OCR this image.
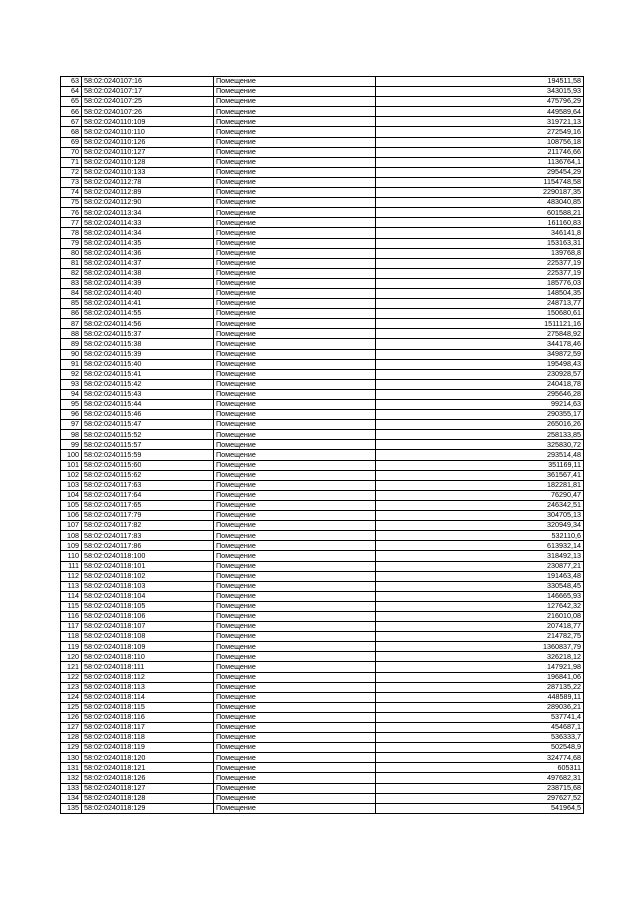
63	58:02:0240107:16	Помещение	194511,58
64	58:02:0240107:17	Помещение	343015,93
65	58:02:0240107:25	Помещение	475796,29
66	58:02:0240107:26	Помещение	449589,64
67	58:02:0240110:109	Помещение	319721,13
68	58:02:0240110:110	Помещение	272549,16
69	58:02:0240110:126	Помещение	108756,18
70	58:02:0240110:127	Помещение	211746,66
71	58:02:0240110:128	Помещение	1136764,1
72	58:02:0240110:133	Помещение	295454,29
73	58:02:0240112:78	Помещение	1154748,58
74	58:02:0240112:89	Помещение	2290187,35
75	58:02:0240112:90	Помещение	483040,85
76	58:02:0240113:34	Помещение	601588,21
77	58:02:0240114:33	Помещение	161160,83
78	58:02:0240114:34	Помещение	346141,8
79	58:02:0240114:35	Помещение	153163,31
80	58:02:0240114:36	Помещение	139768,8
81	58:02:0240114:37	Помещение	225377,19
82	58:02:0240114:38	Помещение	225377,19
83	58:02:0240114:39	Помещение	185776,03
84	58:02:0240114:40	Помещение	148504,35
85	58:02:0240114:41	Помещение	248713,77
86	58:02:0240114:55	Помещение	150680,61
87	58:02:0240114:56	Помещение	1511121,16
88	58:02:0240115:37	Помещение	275848,92
89	58:02:0240115:38	Помещение	344178,46
90	58:02:0240115:39	Помещение	349872,59
91	58:02:0240115:40	Помещение	195498,43
92	58:02:0240115:41	Помещение	230928,57
93	58:02:0240115:42	Помещение	240418,78
94	58:02:0240115:43	Помещение	295646,28
95	58:02:0240115:44	Помещение	99214,63
96	58:02:0240115:46	Помещение	290355,17
97	58:02:0240115:47	Помещение	265016,26
98	58:02:0240115:52	Помещение	258133,85
99	58:02:0240115:57	Помещение	325830,72
100	58:02:0240115:59	Помещение	293514,48
101	58:02:0240115:60	Помещение	351169,11
102	58:02:0240115:62	Помещение	361567,41
103	58:02:0240117:63	Помещение	182281,81
104	58:02:0240117:64	Помещение	76290,47
105	58:02:0240117:65	Помещение	246342,51
106	58:02:0240117:79	Помещение	304705,13
107	58:02:0240117:82	Помещение	320949,34
108	58:02:0240117:83	Помещение	532110,6
109	58:02:0240117:86	Помещение	613932,14
110	58:02:0240118:100	Помещение	318492,13
111	58:02:0240118:101	Помещение	230877,21
112	58:02:0240118:102	Помещение	191463,48
113	58:02:0240118:103	Помещение	330548,45
114	58:02:0240118:104	Помещение	146665,93
115	58:02:0240118:105	Помещение	127642,32
116	58:02:0240118:106	Помещение	216010,08
117	58:02:0240118:107	Помещение	207418,77
118	58:02:0240118:108	Помещение	214782,75
119	58:02:0240118:109	Помещение	1360837,79
120	58:02:0240118:110	Помещение	326218,12
121	58:02:0240118:111	Помещение	147921,98
122	58:02:0240118:112	Помещение	196841,06
123	58:02:0240118:113	Помещение	287135,22
124	58:02:0240118:114	Помещение	448589,11
125	58:02:0240118:115	Помещение	289036,21
126	58:02:0240118:116	Помещение	537741,4
127	58:02:0240118:117	Помещение	454687,1
128	58:02:0240118:118	Помещение	536333,7
129	58:02:0240118:119	Помещение	502548,9
130	58:02:0240118:120	Помещение	324774,68
131	58:02:0240118:121	Помещение	605311
132	58:02:0240118:126	Помещение	497682,31
133	58:02:0240118:127	Помещение	238715,68
134	58:02:0240118:128	Помещение	297627,52
135	58:02:0240118:129	Помещение	541964,5
